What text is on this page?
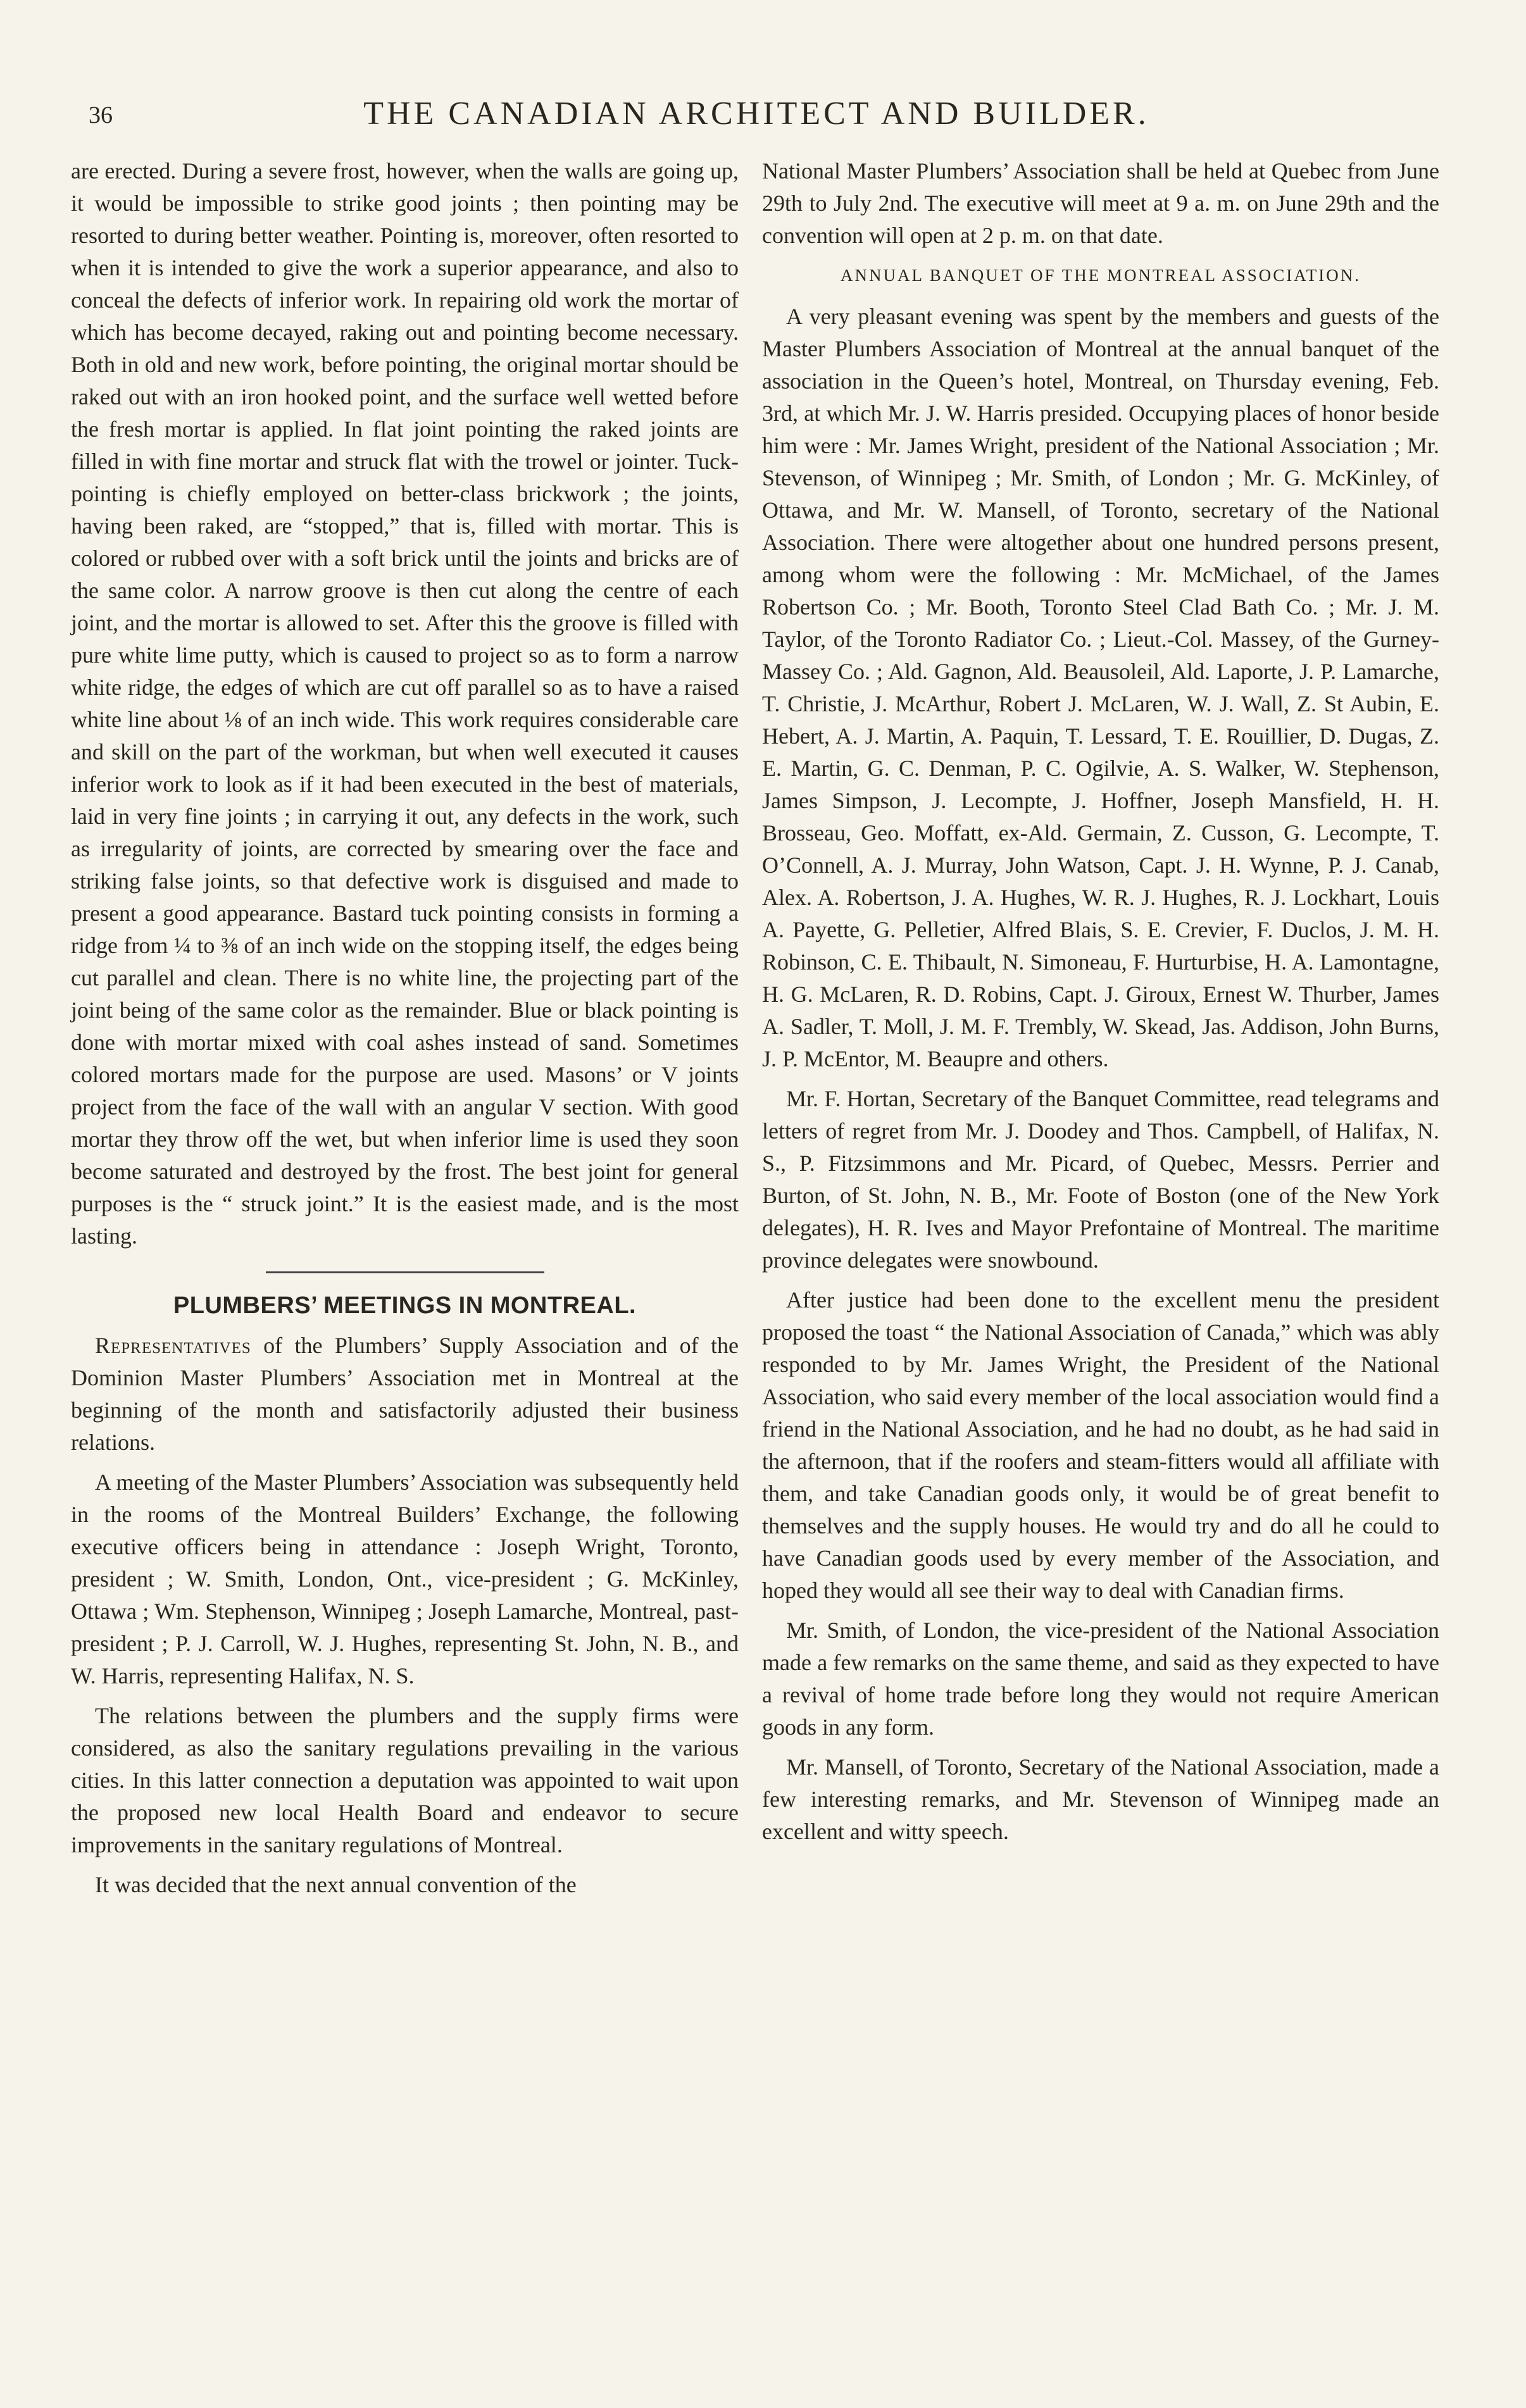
36	THE CANADIAN ARCHITECT AND BUILDER.

are erected. During a severe frost, however, when the walls are going up, it would be impossible to strike good joints ; then pointing may be resorted to during better weather. Pointing is, moreover, often resorted to when it is intended to give the work a superior appearance, and also to conceal the defects of inferior work. In repairing old work the mortar of which has become decayed, raking out and pointing become necessary. Both in old and new work, before pointing, the original mortar should be raked out with an iron hooked point, and the surface well wetted before the fresh mortar is applied. In flat joint pointing the raked joints are filled in with fine mortar and struck flat with the trowel or jointer. Tuck-pointing is chiefly employed on better-class brickwork ; the joints, having been raked, are “stopped,” that is, filled with mortar. This is colored or rubbed over with a soft brick until the joints and bricks are of the same color. A narrow groove is then cut along the centre of each joint, and the mortar is allowed to set. After this the groove is filled with pure white lime putty, which is caused to project so as to form a narrow white ridge, the edges of which are cut off parallel so as to have a raised white line about ⅛ of an inch wide. This work requires considerable care and skill on the part of the workman, but when well executed it causes inferior work to look as if it had been executed in the best of materials, laid in very fine joints ; in carrying it out, any defects in the work, such as irregularity of joints, are corrected by smearing over the face and striking false joints, so that defective work is disguised and made to present a good appearance. Bastard tuck pointing consists in forming a ridge from ¼ to ⅜ of an inch wide on the stopping itself, the edges being cut parallel and clean. There is no white line, the projecting part of the joint being of the same color as the remainder. Blue or black pointing is done with mortar mixed with coal ashes instead of sand. Sometimes colored mortars made for the purpose are used. Masons’ or V joints project from the face of the wall with an angular V section. With good mortar they throw off the wet, but when inferior lime is used they soon become saturated and destroyed by the frost. The best joint for general purposes is the “ struck joint.” It is the easiest made, and is the most lasting.

PLUMBERS’ MEETINGS IN MONTREAL.

Representatives of the Plumbers’ Supply Association and of the Dominion Master Plumbers’ Association met in Montreal at the beginning of the month and satisfactorily adjusted their business relations.

A meeting of the Master Plumbers’ Association was subsequently held in the rooms of the Montreal Builders’ Exchange, the following executive officers being in attendance : Joseph Wright, Toronto, president ; W. Smith, London, Ont., vice-president ; G. McKinley, Ottawa ; Wm. Stephenson, Winnipeg ; Joseph Lamarche, Montreal, past-president ; P. J. Carroll, W. J. Hughes, representing St. John, N. B., and W. Harris, representing Halifax, N. S.

The relations between the plumbers and the supply firms were considered, as also the sanitary regulations prevailing in the various cities. In this latter connection a deputation was appointed to wait upon the proposed new local Health Board and endeavor to secure improvements in the sanitary regulations of Montreal.

It was decided that the next annual convention of the

National Master Plumbers’ Association shall be held at Quebec from June 29th to July 2nd. The executive will meet at 9 a. m. on June 29th and the convention will open at 2 p. m. on that date.

ANNUAL BANQUET OF THE MONTREAL ASSOCIATION.

A very pleasant evening was spent by the members and guests of the Master Plumbers Association of Montreal at the annual banquet of the association in the Queen’s hotel, Montreal, on Thursday evening, Feb. 3rd, at which Mr. J. W. Harris presided. Occupying places of honor beside him were : Mr. James Wright, president of the National Association ; Mr. Stevenson, of Winnipeg ; Mr. Smith, of London ; Mr. G. McKinley, of Ottawa, and Mr. W. Mansell, of Toronto, secretary of the National Association. There were altogether about one hundred persons present, among whom were the following : Mr. McMichael, of the James Robertson Co. ; Mr. Booth, Toronto Steel Clad Bath Co. ; Mr. J. M. Taylor, of the Toronto Radiator Co. ; Lieut.-Col. Massey, of the Gurney-Massey Co. ; Ald. Gagnon, Ald. Beausoleil, Ald. Laporte, J. P. Lamarche, T. Christie, J. McArthur, Robert J. McLaren, W. J. Wall, Z. St Aubin, E. Hebert, A. J. Martin, A. Paquin, T. Lessard, T. E. Rouillier, D. Dugas, Z. E. Martin, G. C. Denman, P. C. Ogilvie, A. S. Walker, W. Stephenson, James Simpson, J. Lecompte, J. Hoffner, Joseph Mansfield, H. H. Brosseau, Geo. Moffatt, ex-Ald. Germain, Z. Cusson, G. Lecompte, T. O’Connell, A. J. Murray, John Watson, Capt. J. H. Wynne, P. J. Canab, Alex. A. Robertson, J. A. Hughes, W. R. J. Hughes, R. J. Lockhart, Louis A. Payette, G. Pelletier, Alfred Blais, S. E. Crevier, F. Duclos, J. M. H. Robinson, C. E. Thibault, N. Simoneau, F. Hurturbise, H. A. Lamontagne, H. G. McLaren, R. D. Robins, Capt. J. Giroux, Ernest W. Thurber, James A. Sadler, T. Moll, J. M. F. Trembly, W. Skead, Jas. Addison, John Burns, J. P. McEntor, M. Beaupre and others.

Mr. F. Hortan, Secretary of the Banquet Committee, read telegrams and letters of regret from Mr. J. Doodey and Thos. Campbell, of Halifax, N. S., P. Fitzsimmons and Mr. Picard, of Quebec, Messrs. Perrier and Burton, of St. John, N. B., Mr. Foote of Boston (one of the New York delegates), H. R. Ives and Mayor Prefontaine of Montreal. The maritime province delegates were snowbound.

After justice had been done to the excellent menu the president proposed the toast “ the National Association of Canada,” which was ably responded to by Mr. James Wright, the President of the National Association, who said every member of the local association would find a friend in the National Association, and he had no doubt, as he had said in the afternoon, that if the roofers and steam-fitters would all affiliate with them, and take Canadian goods only, it would be of great benefit to themselves and the supply houses. He would try and do all he could to have Canadian goods used by every member of the Association, and hoped they would all see their way to deal with Canadian firms.

Mr. Smith, of London, the vice-president of the National Association made a few remarks on the same theme, and said as they expected to have a revival of home trade before long they would not require American goods in any form.

Mr. Mansell, of Toronto, Secretary of the National Association, made a few interesting remarks, and Mr. Stevenson of Winnipeg made an excellent and witty speech.
